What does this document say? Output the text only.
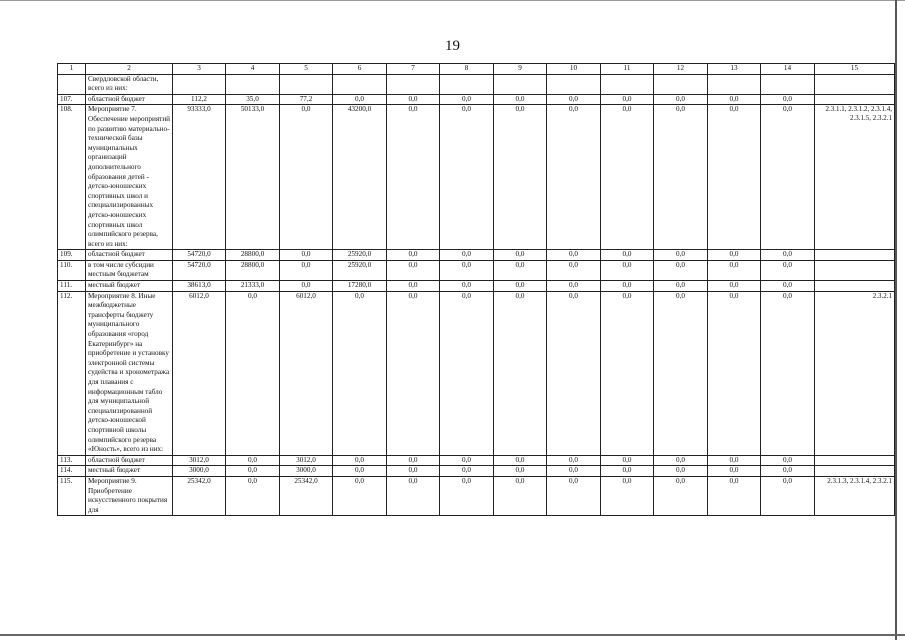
19
1	2	3	4	5	6	7	8	9	10	11	12	13	14	15
	Свердловской области, всего из них:													
107.	областной бюджет	112,2	35,0	77,2	0,0	0,0	0,0	0,0	0,0	0,0	0,0	0,0	0,0	
108.	Мероприятие 7. Обеспечение мероприятий по развитию материально-технической базы муниципальных организаций дополнительного образования детей - детско-юношеских спортивных школ и специализированных детско-юношеских спортивных школ олимпийского резерва, всего из них:	93333,0	50133,0	0,0	43200,0	0,0	0,0	0,0	0,0	0,0	0,0	0,0	0,0	2.3.1.1, 2.3.1.2, 2.3.1.4, 2.3.1.5, 2.3.2.1
109.	областной бюджет	54720,0	28800,0	0,0	25920,0	0,0	0,0	0,0	0,0	0,0	0,0	0,0	0,0	
110.	в том числе субсидии местным бюджетам	54720,0	28800,0	0,0	25920,0	0,0	0,0	0,0	0,0	0,0	0,0	0,0	0,0	
111.	местный бюджет	38613,0	21333,0	0,0	17280,0	0,0	0,0	0,0	0,0	0,0	0,0	0,0	0,0	
112.	Мероприятие 8. Иные межбюджетные трансферты бюджету муниципального образования «город Екатеринбург» на приобретение и установку электронной системы судейства и хронометража для плавания с информационным табло для муниципальной специализированной детско-юношеской спортивной школы олимпийского резерва «Юность», всего из них:	6012,0	0,0	6012,0	0,0	0,0	0,0	0,0	0,0	0,0	0,0	0,0	0,0	2.3.2.1
113.	областной бюджет	3012,0	0,0	3012,0	0,0	0,0	0,0	0,0	0,0	0,0	0,0	0,0	0,0	
114.	местный бюджет	3000,0	0,0	3000,0	0,0	0,0	0,0	0,0	0,0	0,0	0,0	0,0	0,0	
115.	Мероприятие 9. Приобретение искусственного покрытия для	25342,0	0,0	25342,0	0,0	0,0	0,0	0,0	0,0	0,0	0,0	0,0	0,0	2.3.1.3, 2.3.1.4, 2.3.2.1
